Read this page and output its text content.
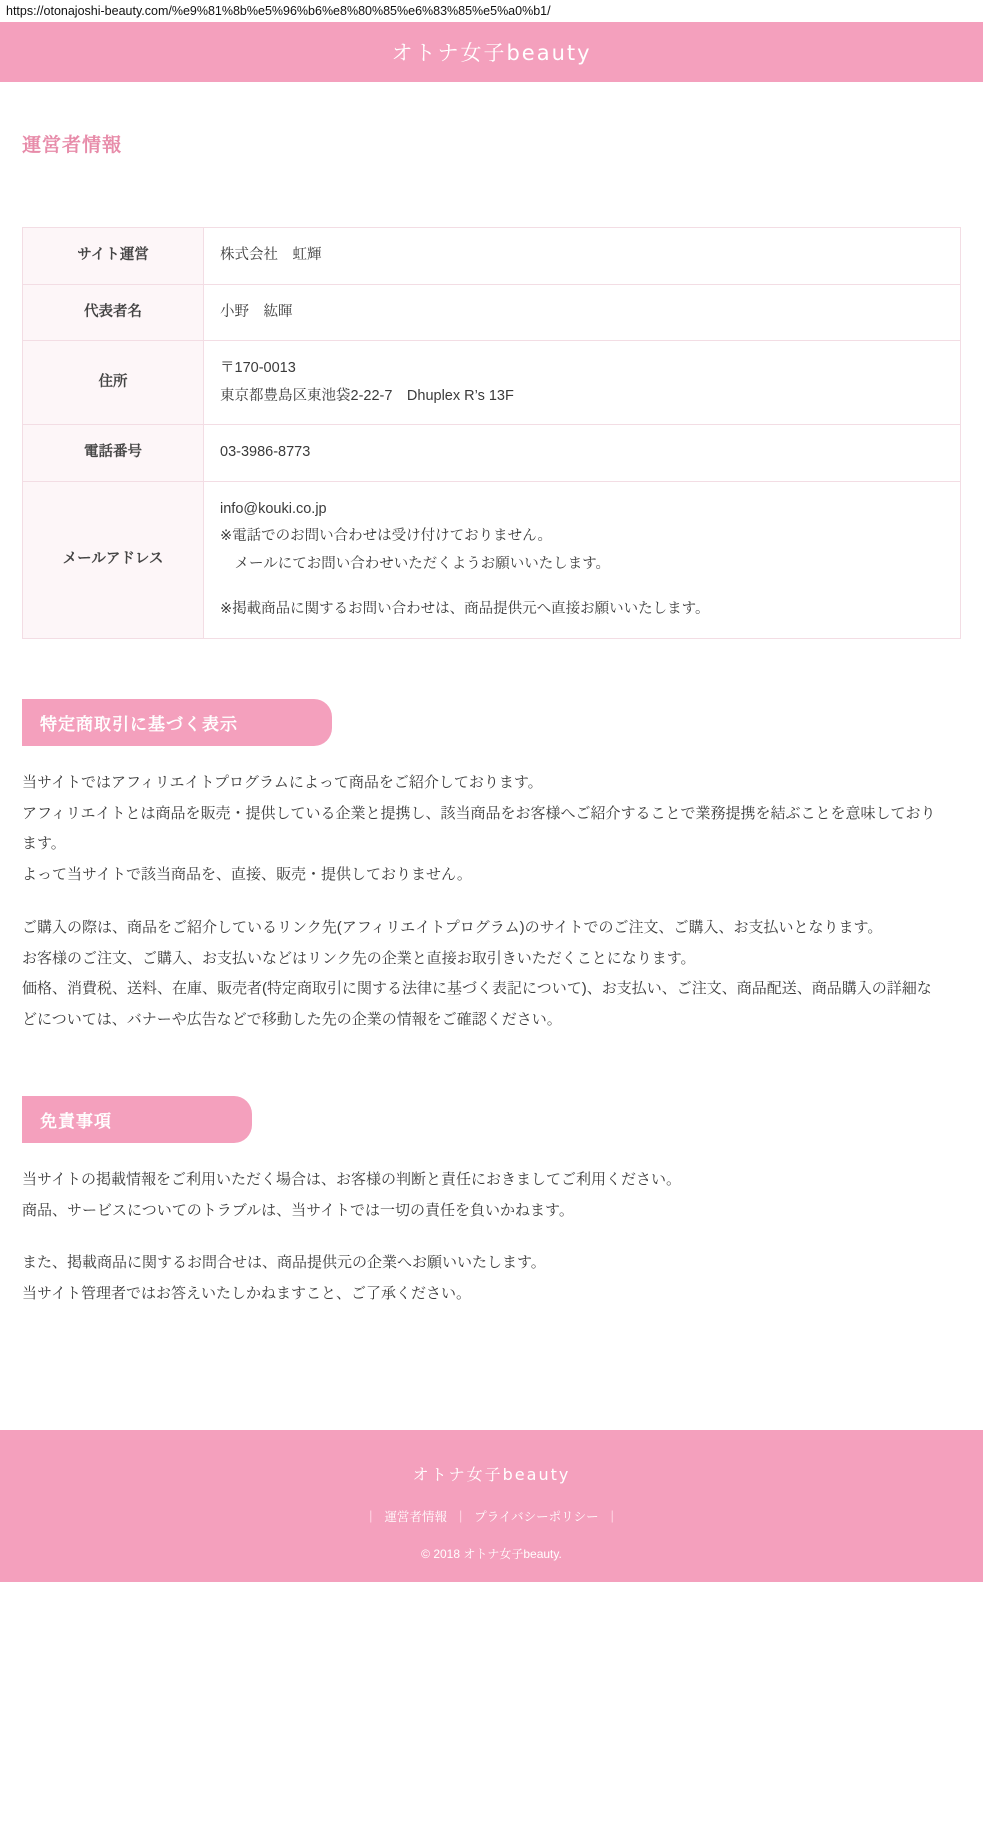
https://otonajoshi-beauty.com/%e9%81%8b%e5%96%b6%e8%80%85%e6%83%85%e5%a0%b1/
オトナ女子beauty
運営者情報
サイト運営	株式会社　虹輝
代表者名	小野　紘暉
住所	〒170-0013

東京都豊島区東池袋2-22-7　Dhuplex R’s 13F

電話番号	03-3986-8773
メールアドレス	info@kouki.co.jp

※電話でのお問い合わせは受け付けておりません。

メールにてお問い合わせいただくようお願いいたします。

※掲載商品に関するお問い合わせは、商品提供元へ直接お願いいたします。

特定商取引に基づく表示

当サイトではアフィリエイトプログラムによって商品をご紹介しております。

アフィリエイトとは商品を販売・提供している企業と提携し、該当商品をお客様へご紹介することで業務提携を結ぶことを意味しております。

よって当サイトで該当商品を、直接、販売・提供しておりません。

ご購入の際は、商品をご紹介しているリンク先(アフィリエイトプログラム)のサイトでのご注文、ご購入、お支払いとなります。

お客様のご注文、ご購入、お支払いなどはリンク先の企業と直接お取引きいただくことになります。

価格、消費税、送料、在庫、販売者(特定商取引に関する法律に基づく表記について)、お支払い、ご注文、商品配送、商品購入の詳細などについては、バナーや広告などで移動した先の企業の情報をご確認ください。

免責事項

当サイトの掲載情報をご利用いただく場合は、お客様の判断と責任におきましてご利用ください。

商品、サービスについてのトラブルは、当サイトでは一切の責任を負いかねます。

また、掲載商品に関するお問合せは、商品提供元の企業へお願いいたします。

当サイト管理者ではお答えいたしかねますこと、ご了承ください。

オトナ女子beauty
| 運営者情報 | プライバシーポリシー |
© 2018 オトナ女子beauty.
